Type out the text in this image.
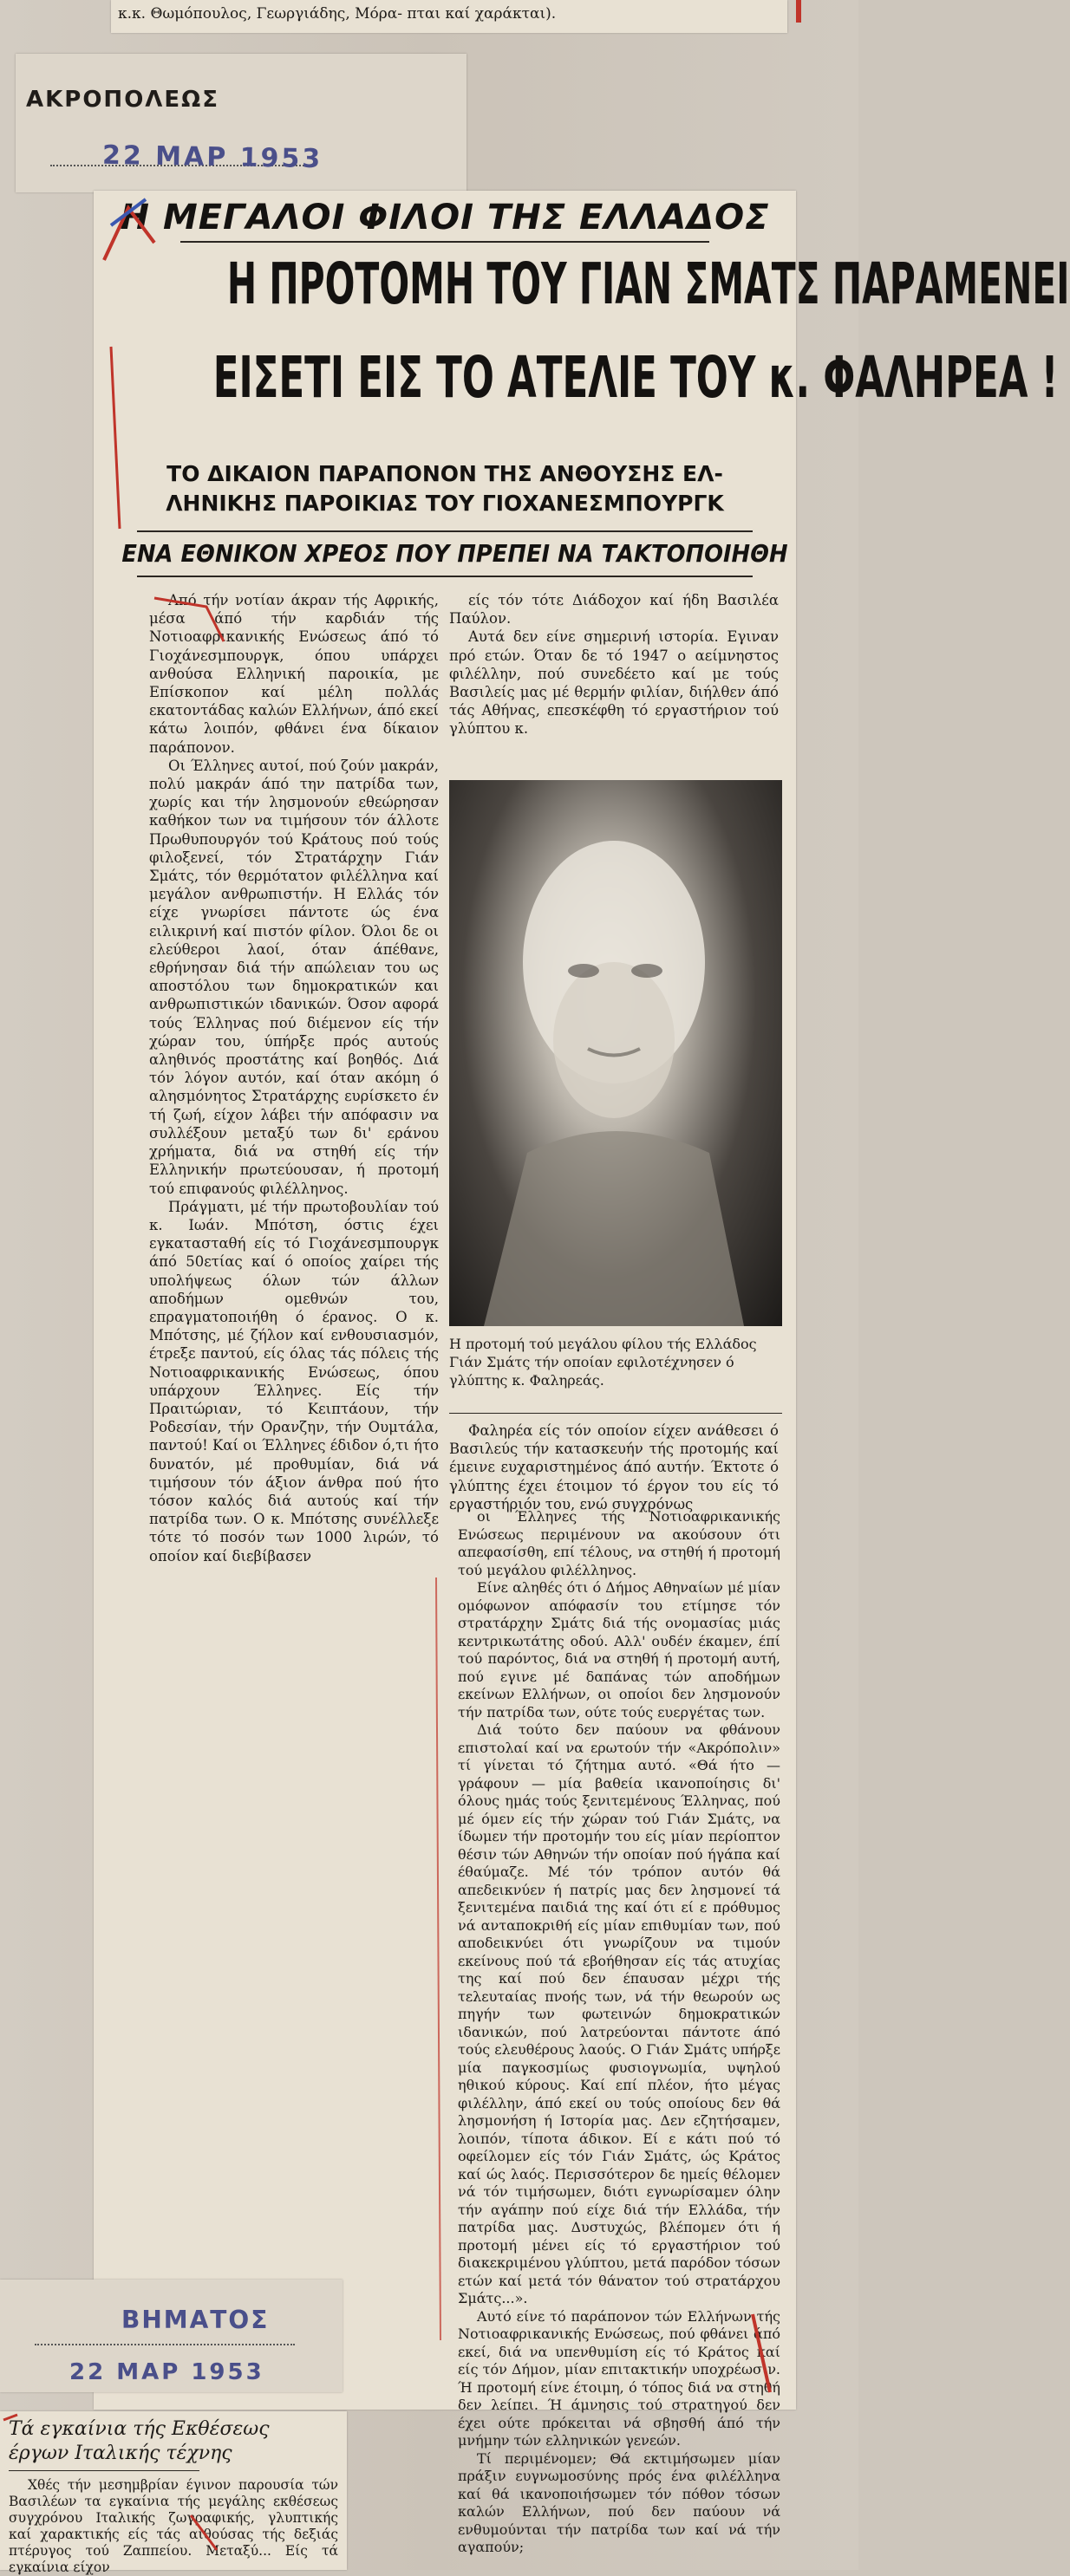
κ.κ. Θωμόπουλος, Γεωργιάδης, Μόρα- πται καί χαράκται).
ΑΚΡΟΠΟΛΕΩΣ
22 ΜΑΡ 1953
Η ΜΕΓΑΛΟΙ ΦΙΛΟΙ ΤΗΣ ΕΛΛΑΔΟΣ
Η ΠΡΟΤΟΜΗ ΤΟΥ ΓΙΑΝ ΣΜΑΤΣ ΠΑΡΑΜΕΝΕΙ
ΕΙΣΕΤΙ ΕΙΣ ΤΟ ΑΤΕΛΙΕ ΤΟΥ κ. ΦΑΛΗΡΕΑ !
ΤΟ ΔΙΚΑΙΟΝ ΠΑΡΑΠΟΝΟΝ ΤΗΣ ΑΝΘΟΥΣΗΣ ΕΛ-
ΛΗΝΙΚΗΣ ΠΑΡΟΙΚΙΑΣ ΤΟΥ ΓΙΟΧΑΝΕΣΜΠΟΥΡΓΚ
ΕΝΑ ΕΘΝΙΚΟΝ ΧΡΕΟΣ ΠΟΥ ΠΡΕΠΕΙ ΝΑ ΤΑΚΤΟΠΟΙΗΘΗ

Από τήν νοτίαν άκραν τής Αφρικής, μέσα άπό τήν καρδιάν τής Νοτιοαφρικανικής Ενώσεως άπό τό Γιοχάνεσμπουργκ, όπου υπάρχει ανθούσα Ελληνική παροικία, με Επίσκοπον καί μέλη πολλάς εκατοντάδας καλών Ελλήνων, άπό εκεί κάτω λοιπόν, φθάνει ένα δίκαιον παράπονον.

Οι Έλληνες αυτοί, πού ζούν μακράν, πολύ μακράν άπό την πατρίδα των, χωρίς και τήν λησμονούν εθεώρησαν καθήκον των να τιμήσουν τόν άλλοτε Πρωθυπουργόν τού Κράτους πού τούς φιλοξενεί, τόν Στρατάρχην Γιάν Σμάτς, τόν θερμότατον φιλέλληνα καί μεγάλον ανθρωπιστήν. Η Ελλάς τόν είχε γνωρίσει πάντοτε ώς ένα ειλικρινή καί πιστόν φίλον. Όλοι δε οι ελεύθεροι λαοί, όταν άπέθανε, εθρήνησαν διά τήν απώλειαν του ως αποστόλου των δημοκρατικών και ανθρωπιστικών ιδανικών. Όσον αφορά τούς Έλληνας πού διέμενον είς τήν χώραν του, ύπήρξε πρός αυτούς αληθινός προστάτης καί βοηθός. Διά τόν λόγον αυτόν, καί όταν ακόμη ό αλησμόνητος Στρατάρχης ευρίσκετο έν τή ζωή, είχον λάβει τήν απόφασιν να συλλέξουν μεταξύ των δι' εράνου χρήματα, διά να στηθή είς τήν Ελληνικήν πρωτεύουσαν, ή προτομή τού επιφανούς φιλέλληνος.

Πράγματι, μέ τήν πρωτοβουλίαν τού κ. Ιωάν. Μπότση, όστις έχει εγκατασταθή είς τό Γιοχάνεσμπουργκ άπό 50ετίας καί ό οποίος χαίρει τής υπολήψεως όλων τών άλλων αποδήμων ομεθνών του, επραγματοποιήθη ό έρανος. Ο κ. Μπότσης, μέ ζήλον καί ενθουσιασμόν, έτρεξε παντού, είς όλας τάς πόλεις τής Νοτιοαφρικανικής Ενώσεως, όπου υπάρχουν Έλληνες. Είς τήν Πραιτώριαν, τό Κειπτάουν, τήν Ροδεσίαν, τήν Ορανζην, τήν Ουμτάλα, παντού! Καί οι Έλληνες έδιδον ό,τι ήτο δυνατόν, μέ προθυμίαν, διά νά τιμήσουν τόν άξιον άνθρα πού ήτο τόσον καλός διά αυτούς καί τήν πατρίδα των. Ο κ. Μπότσης συνέλλεξε τότε τό ποσόν των 1000 λιρών, τό οποίον καί διεβίβασεν

είς τόν τότε Διάδοχον καί ήδη Βασιλέα Παύλον.

Αυτά δεν είνε σημερινή ιστορία. Εγιναν πρό ετών. Όταν δε τό 1947 ο αείμνηστος φιλέλλην, πού συνεδέετο καί με τούς Βασιλείς μας μέ θερμήν φιλίαν, διήλθεν άπό τάς Αθήνας, επεσκέφθη τό εργαστήριον τού γλύπτου κ.

Η προτομή τού μεγάλου φίλου τής Ελλάδος Γιάν Σμάτς τήν οποίαν εφιλοτέχνησεν ό γλύπτης κ. Φαληρεάς.

Φαληρέα είς τόν οποίον είχεν ανάθεσει ό Βασιλεύς τήν κατασκευήν τής προτομής καί έμεινε ευχαριστημένος άπό αυτήν. Έκτοτε ό γλύπτης έχει έτοιμον τό έργον του είς τό εργαστήριόν του, ενώ συγχρόνως

οι Έλληνες τής Νοτιοαφρικανικής Ενώσεως περιμένουν να ακούσουν ότι απεφασίσθη, επί τέλους, να στηθή ή προτομή τού μεγάλου φιλέλληνος.

Είνε αληθές ότι ό Δήμος Αθηναίων μέ μίαν ομόφωνον απόφασίν του ετίμησε τόν στρατάρχην Σμάτς διά τής ονομασίας μιάς κεντρικωτάτης οδού. Αλλ' ουδέν έκαμεν, έπί τού παρόντος, διά να στηθή ή προτομή αυτή, πού εγινε μέ δαπάνας τών αποδήμων εκείνων Ελλήνων, οι οποίοι δεν λησμονούν τήν πατρίδα των, ούτε τούς ευεργέτας των.

Διά τούτο δεν παύουν να φθάνουν επιστολαί καί να ερωτούν τήν «Ακρόπολιν» τί γίνεται τό ζήτημα αυτό. «Θά ήτο — γράφουν — μία βαθεία ικανοποίησις δι' όλους ημάς τούς ξενιτεμένους Έλληνας, πού μέ όμεν είς τήν χώραν τού Γιάν Σμάτς, να ίδωμεν τήν προτομήν του είς μίαν περίοπτον θέσιν τών Αθηνών τήν οποίαν πού ήγάπα καί έθαύμαζε. Μέ τόν τρόπον αυτόν θά απεδεικνύεν ή πατρίς μας δεν λησμονεί τά ξενιτεμένα παιδιά της καί ότι εί ε πρόθυμος νά ανταποκριθή είς μίαν επιθυμίαν των, πού αποδεικνύει ότι γνωρίζουν να τιμούν εκείνους πού τά εβοήθησαν είς τάς ατυχίας της καί πού δεν έπαυσαν μέχρι τής τελευταίας πνοής των, νά τήν θεωρούν ως πηγήν των φωτεινών δημοκρατικών ιδανικών, πού λατρεύονται πάντοτε άπό τούς ελευθέρους λαούς. Ο Γιάν Σμάτς υπήρξε μία παγκοσμίως φυσιογνωμία, υψηλού ηθικού κύρους. Καί επί πλέον, ήτο μέγας φιλέλλην, άπό εκεί ου τούς οποίους δεν θά λησμονήση ή Ιστορία μας. Δεν εζητήσαμεν, λοιπόν, τίποτα άδικον. Εί ε κάτι πού τό οφείλομεν είς τόν Γιάν Σμάτς, ώς Κράτος καί ώς λαός. Περισσότερον δε ημείς θέλομεν νά τόν τιμήσωμεν, διότι εγνωρίσαμεν όλην τήν αγάπην πού είχε διά τήν Ελλάδα, τήν πατρίδα μας. Δυστυχώς, βλέπομεν ότι ή προτομή μένει είς τό εργαστήριον τού διακεκριμένου γλύπτου, μετά παρόδον τόσων ετών καί μετά τόν θάνατον τού στρατάρχου Σμάτς...».

Αυτό είνε τό παράπονον τών Ελλήνων τής Νοτιοαφρικανικής Ενώσεως, πού φθάνει άπό εκεί, διά να υπενθυμίση είς τό Κράτος καί είς τόν Δήμον, μίαν επιτακτικήν υποχρέωσιν. Ή προτομή είνε έτοιμη, ό τόπος διά να στηθή δεν λείπει. Ή άμνησις τού στρατηγού δεν έχει ούτε πρόκειται νά σβησθή άπό τήν μνήμην τών ελληνικών γενεών.

Τί περιμένομεν; Θά εκτιμήσωμεν μίαν πράξιν ευγνωμοσύνης πρός ένα φιλέλληνα καί θά ικανοποιήσωμεν τόν πόθον τόσων καλών Ελλήνων, πού δεν παύουν νά ενθυμούνται τήν πατρίδα των καί νά τήν αγαπούν;

ΒΗΜΑΤΟΣ
22 ΜΑΡ 1953
Τά εγκαίνια τής Εκθέσεως
έργων Ιταλικής τέχνης
Χθές τήν μεσημβρίαν έγινον παρουσία τών Βασιλέων τα εγκαίνια τής μεγάλης εκθέσεως συγχρόνου Ιταλικής ζωγραφικής, γλυπτικής καί χαρακτικής είς τάς αιθούσας τής δεξιάς πτέρυγος τού Ζαππείου. Μεταξύ... Είς τά εγκαίνια είχον
